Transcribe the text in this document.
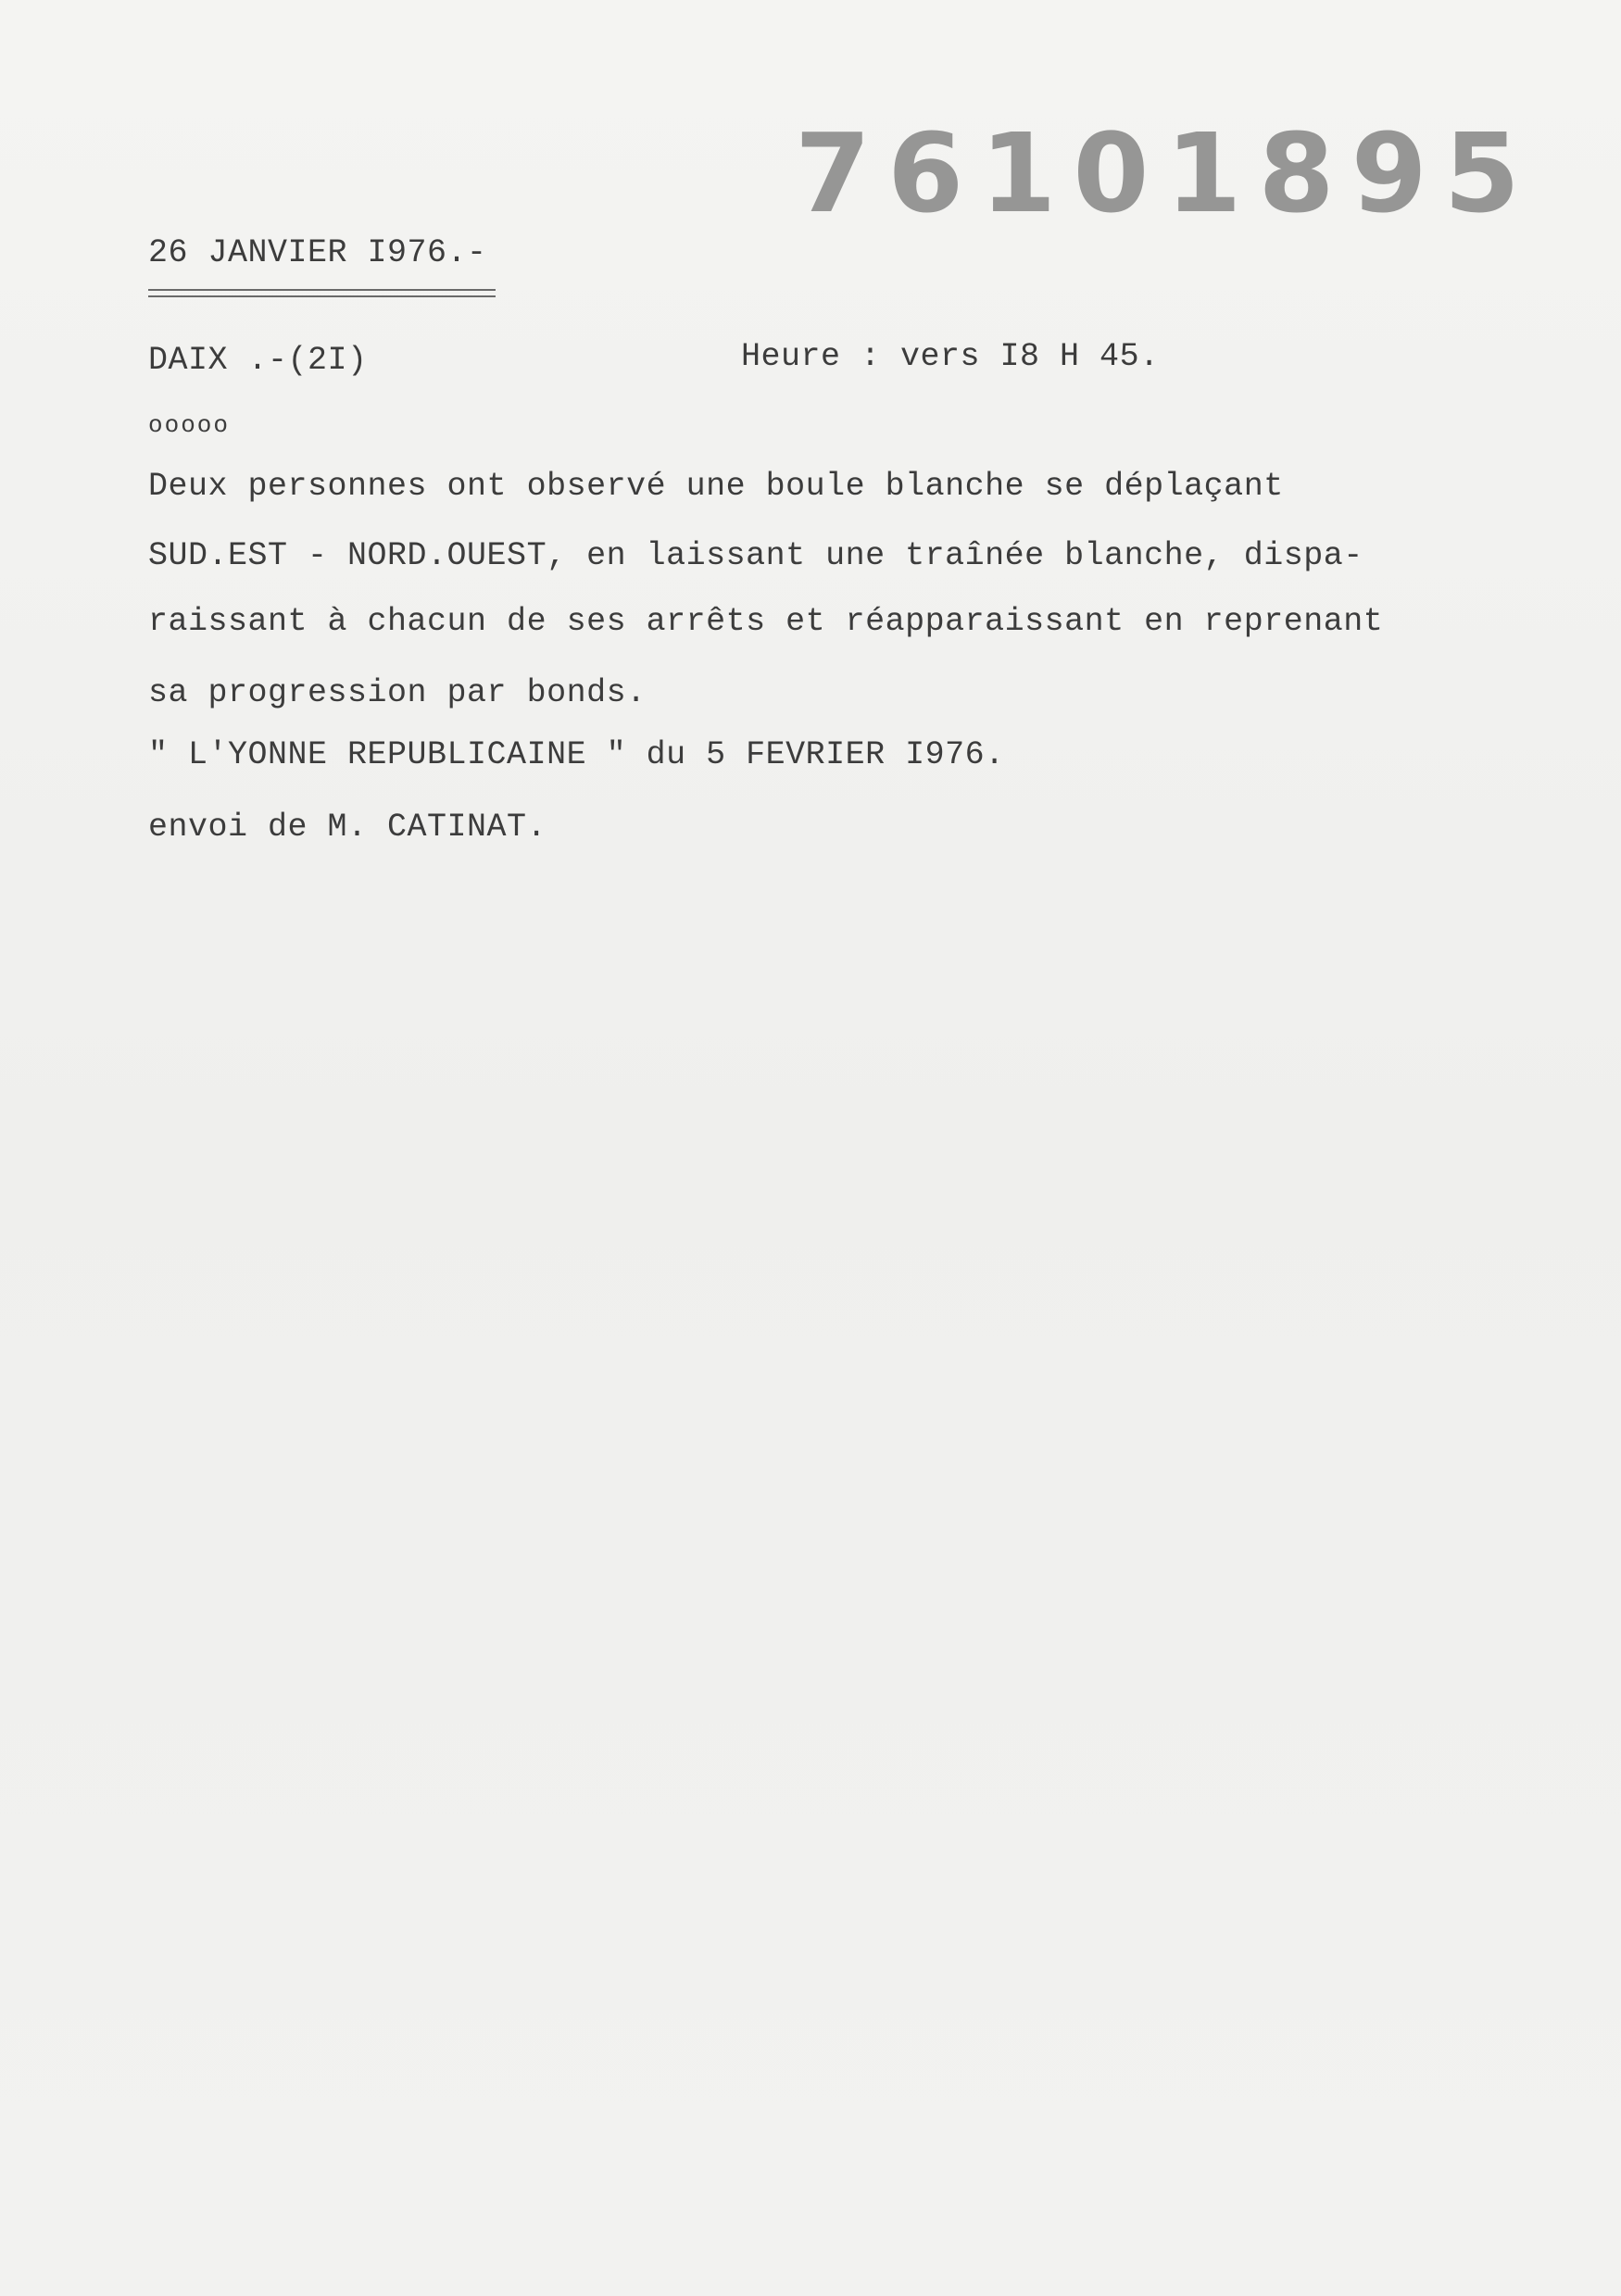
76101895
26 JANVIER I976.-
DAIX .-(2I)	Heure : vers I8 H 45.
ooooo
Deux personnes ont observé une boule blanche se déplaçant
SUD.EST - NORD.OUEST, en laissant une traînée blanche, dispa-
raissant à chacun de ses arrêts et réapparaissant en reprenant
sa progression par bonds.
" L'YONNE REPUBLICAINE " du 5 FEVRIER I976.
envoi de M. CATINAT.
